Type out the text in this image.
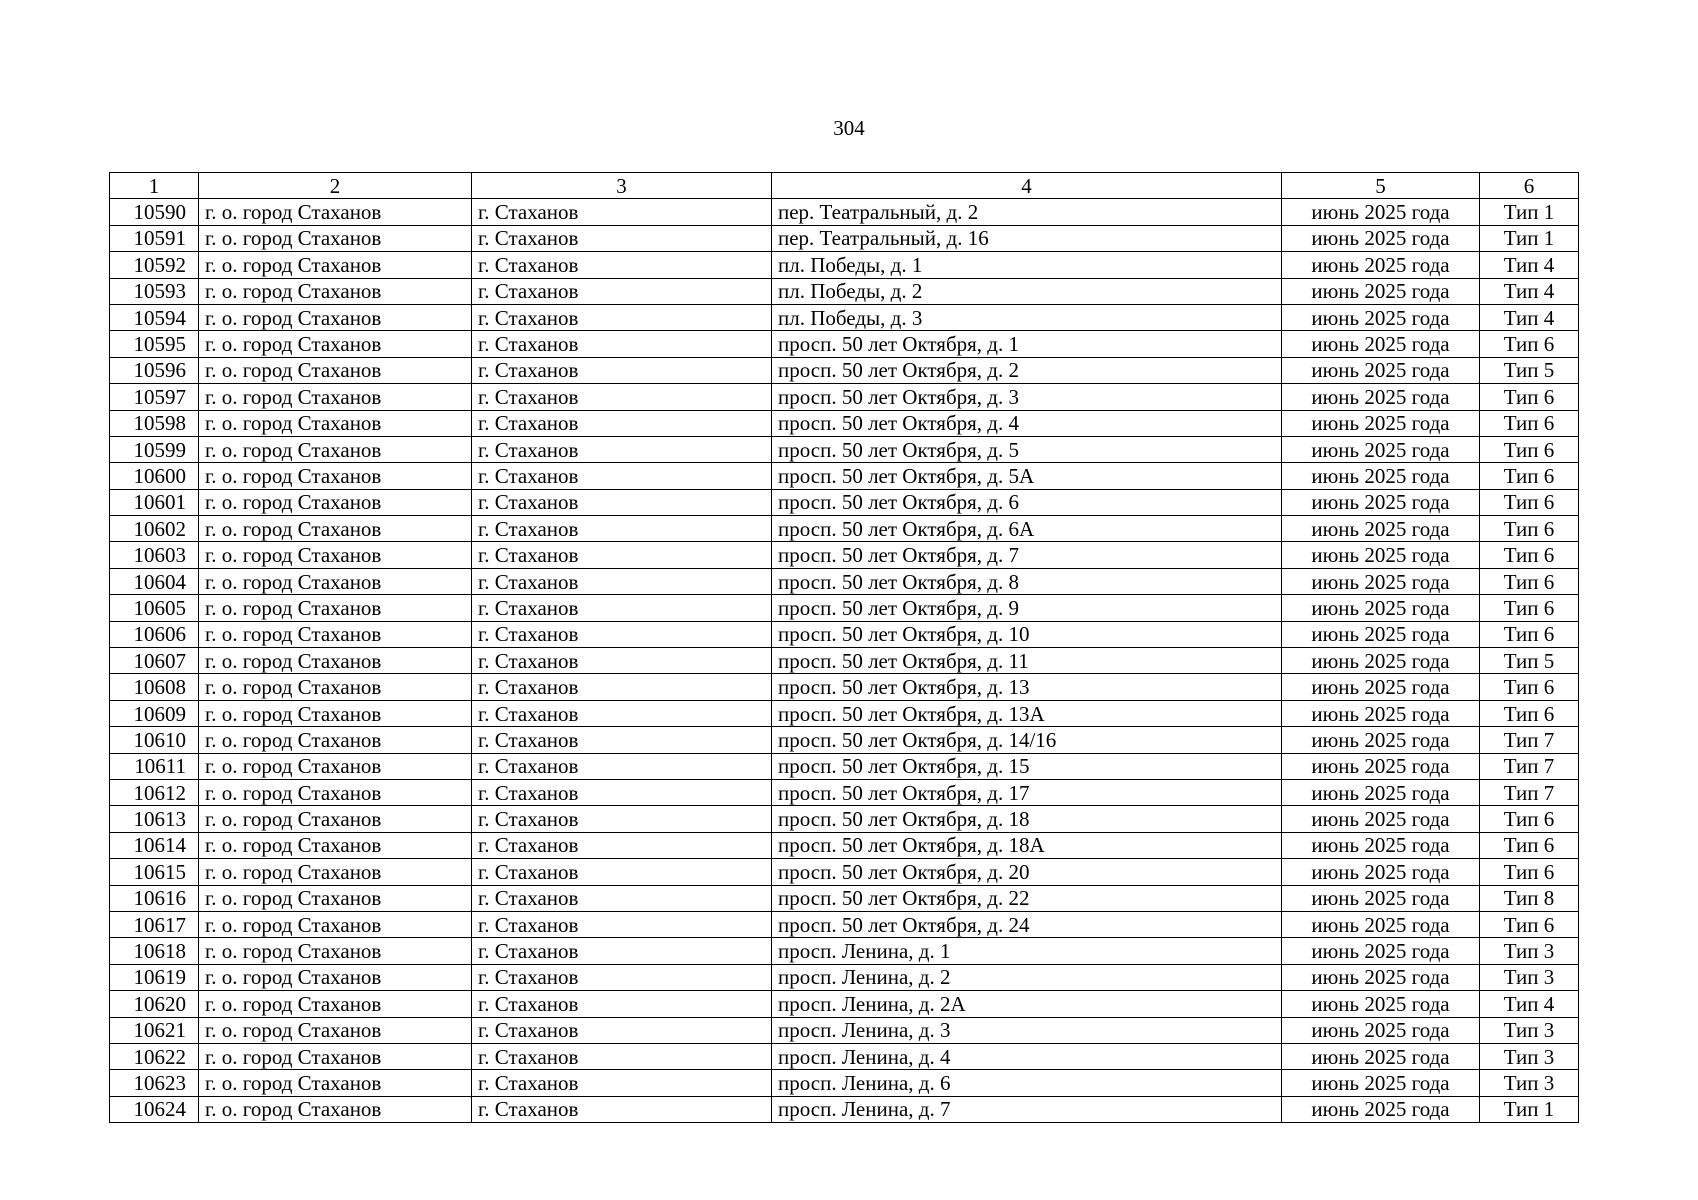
304
1	2	3	4	5	6
10590	г. о. город Стаханов	г. Стаханов	пер. Театральный, д. 2	июнь 2025 года	Тип 1
10591	г. о. город Стаханов	г. Стаханов	пер. Театральный, д. 16	июнь 2025 года	Тип 1
10592	г. о. город Стаханов	г. Стаханов	пл. Победы, д. 1	июнь 2025 года	Тип 4
10593	г. о. город Стаханов	г. Стаханов	пл. Победы, д. 2	июнь 2025 года	Тип 4
10594	г. о. город Стаханов	г. Стаханов	пл. Победы, д. 3	июнь 2025 года	Тип 4
10595	г. о. город Стаханов	г. Стаханов	просп. 50 лет Октября, д. 1	июнь 2025 года	Тип 6
10596	г. о. город Стаханов	г. Стаханов	просп. 50 лет Октября, д. 2	июнь 2025 года	Тип 5
10597	г. о. город Стаханов	г. Стаханов	просп. 50 лет Октября, д. 3	июнь 2025 года	Тип 6
10598	г. о. город Стаханов	г. Стаханов	просп. 50 лет Октября, д. 4	июнь 2025 года	Тип 6
10599	г. о. город Стаханов	г. Стаханов	просп. 50 лет Октября, д. 5	июнь 2025 года	Тип 6
10600	г. о. город Стаханов	г. Стаханов	просп. 50 лет Октября, д. 5А	июнь 2025 года	Тип 6
10601	г. о. город Стаханов	г. Стаханов	просп. 50 лет Октября, д. 6	июнь 2025 года	Тип 6
10602	г. о. город Стаханов	г. Стаханов	просп. 50 лет Октября, д. 6А	июнь 2025 года	Тип 6
10603	г. о. город Стаханов	г. Стаханов	просп. 50 лет Октября, д. 7	июнь 2025 года	Тип 6
10604	г. о. город Стаханов	г. Стаханов	просп. 50 лет Октября, д. 8	июнь 2025 года	Тип 6
10605	г. о. город Стаханов	г. Стаханов	просп. 50 лет Октября, д. 9	июнь 2025 года	Тип 6
10606	г. о. город Стаханов	г. Стаханов	просп. 50 лет Октября, д. 10	июнь 2025 года	Тип 6
10607	г. о. город Стаханов	г. Стаханов	просп. 50 лет Октября, д. 11	июнь 2025 года	Тип 5
10608	г. о. город Стаханов	г. Стаханов	просп. 50 лет Октября, д. 13	июнь 2025 года	Тип 6
10609	г. о. город Стаханов	г. Стаханов	просп. 50 лет Октября, д. 13А	июнь 2025 года	Тип 6
10610	г. о. город Стаханов	г. Стаханов	просп. 50 лет Октября, д. 14/16	июнь 2025 года	Тип 7
10611	г. о. город Стаханов	г. Стаханов	просп. 50 лет Октября, д. 15	июнь 2025 года	Тип 7
10612	г. о. город Стаханов	г. Стаханов	просп. 50 лет Октября, д. 17	июнь 2025 года	Тип 7
10613	г. о. город Стаханов	г. Стаханов	просп. 50 лет Октября, д. 18	июнь 2025 года	Тип 6
10614	г. о. город Стаханов	г. Стаханов	просп. 50 лет Октября, д. 18А	июнь 2025 года	Тип 6
10615	г. о. город Стаханов	г. Стаханов	просп. 50 лет Октября, д. 20	июнь 2025 года	Тип 6
10616	г. о. город Стаханов	г. Стаханов	просп. 50 лет Октября, д. 22	июнь 2025 года	Тип 8
10617	г. о. город Стаханов	г. Стаханов	просп. 50 лет Октября, д. 24	июнь 2025 года	Тип 6
10618	г. о. город Стаханов	г. Стаханов	просп. Ленина, д. 1	июнь 2025 года	Тип 3
10619	г. о. город Стаханов	г. Стаханов	просп. Ленина, д. 2	июнь 2025 года	Тип 3
10620	г. о. город Стаханов	г. Стаханов	просп. Ленина, д. 2А	июнь 2025 года	Тип 4
10621	г. о. город Стаханов	г. Стаханов	просп. Ленина, д. 3	июнь 2025 года	Тип 3
10622	г. о. город Стаханов	г. Стаханов	просп. Ленина, д. 4	июнь 2025 года	Тип 3
10623	г. о. город Стаханов	г. Стаханов	просп. Ленина, д. 6	июнь 2025 года	Тип 3
10624	г. о. город Стаханов	г. Стаханов	просп. Ленина, д. 7	июнь 2025 года	Тип 1
